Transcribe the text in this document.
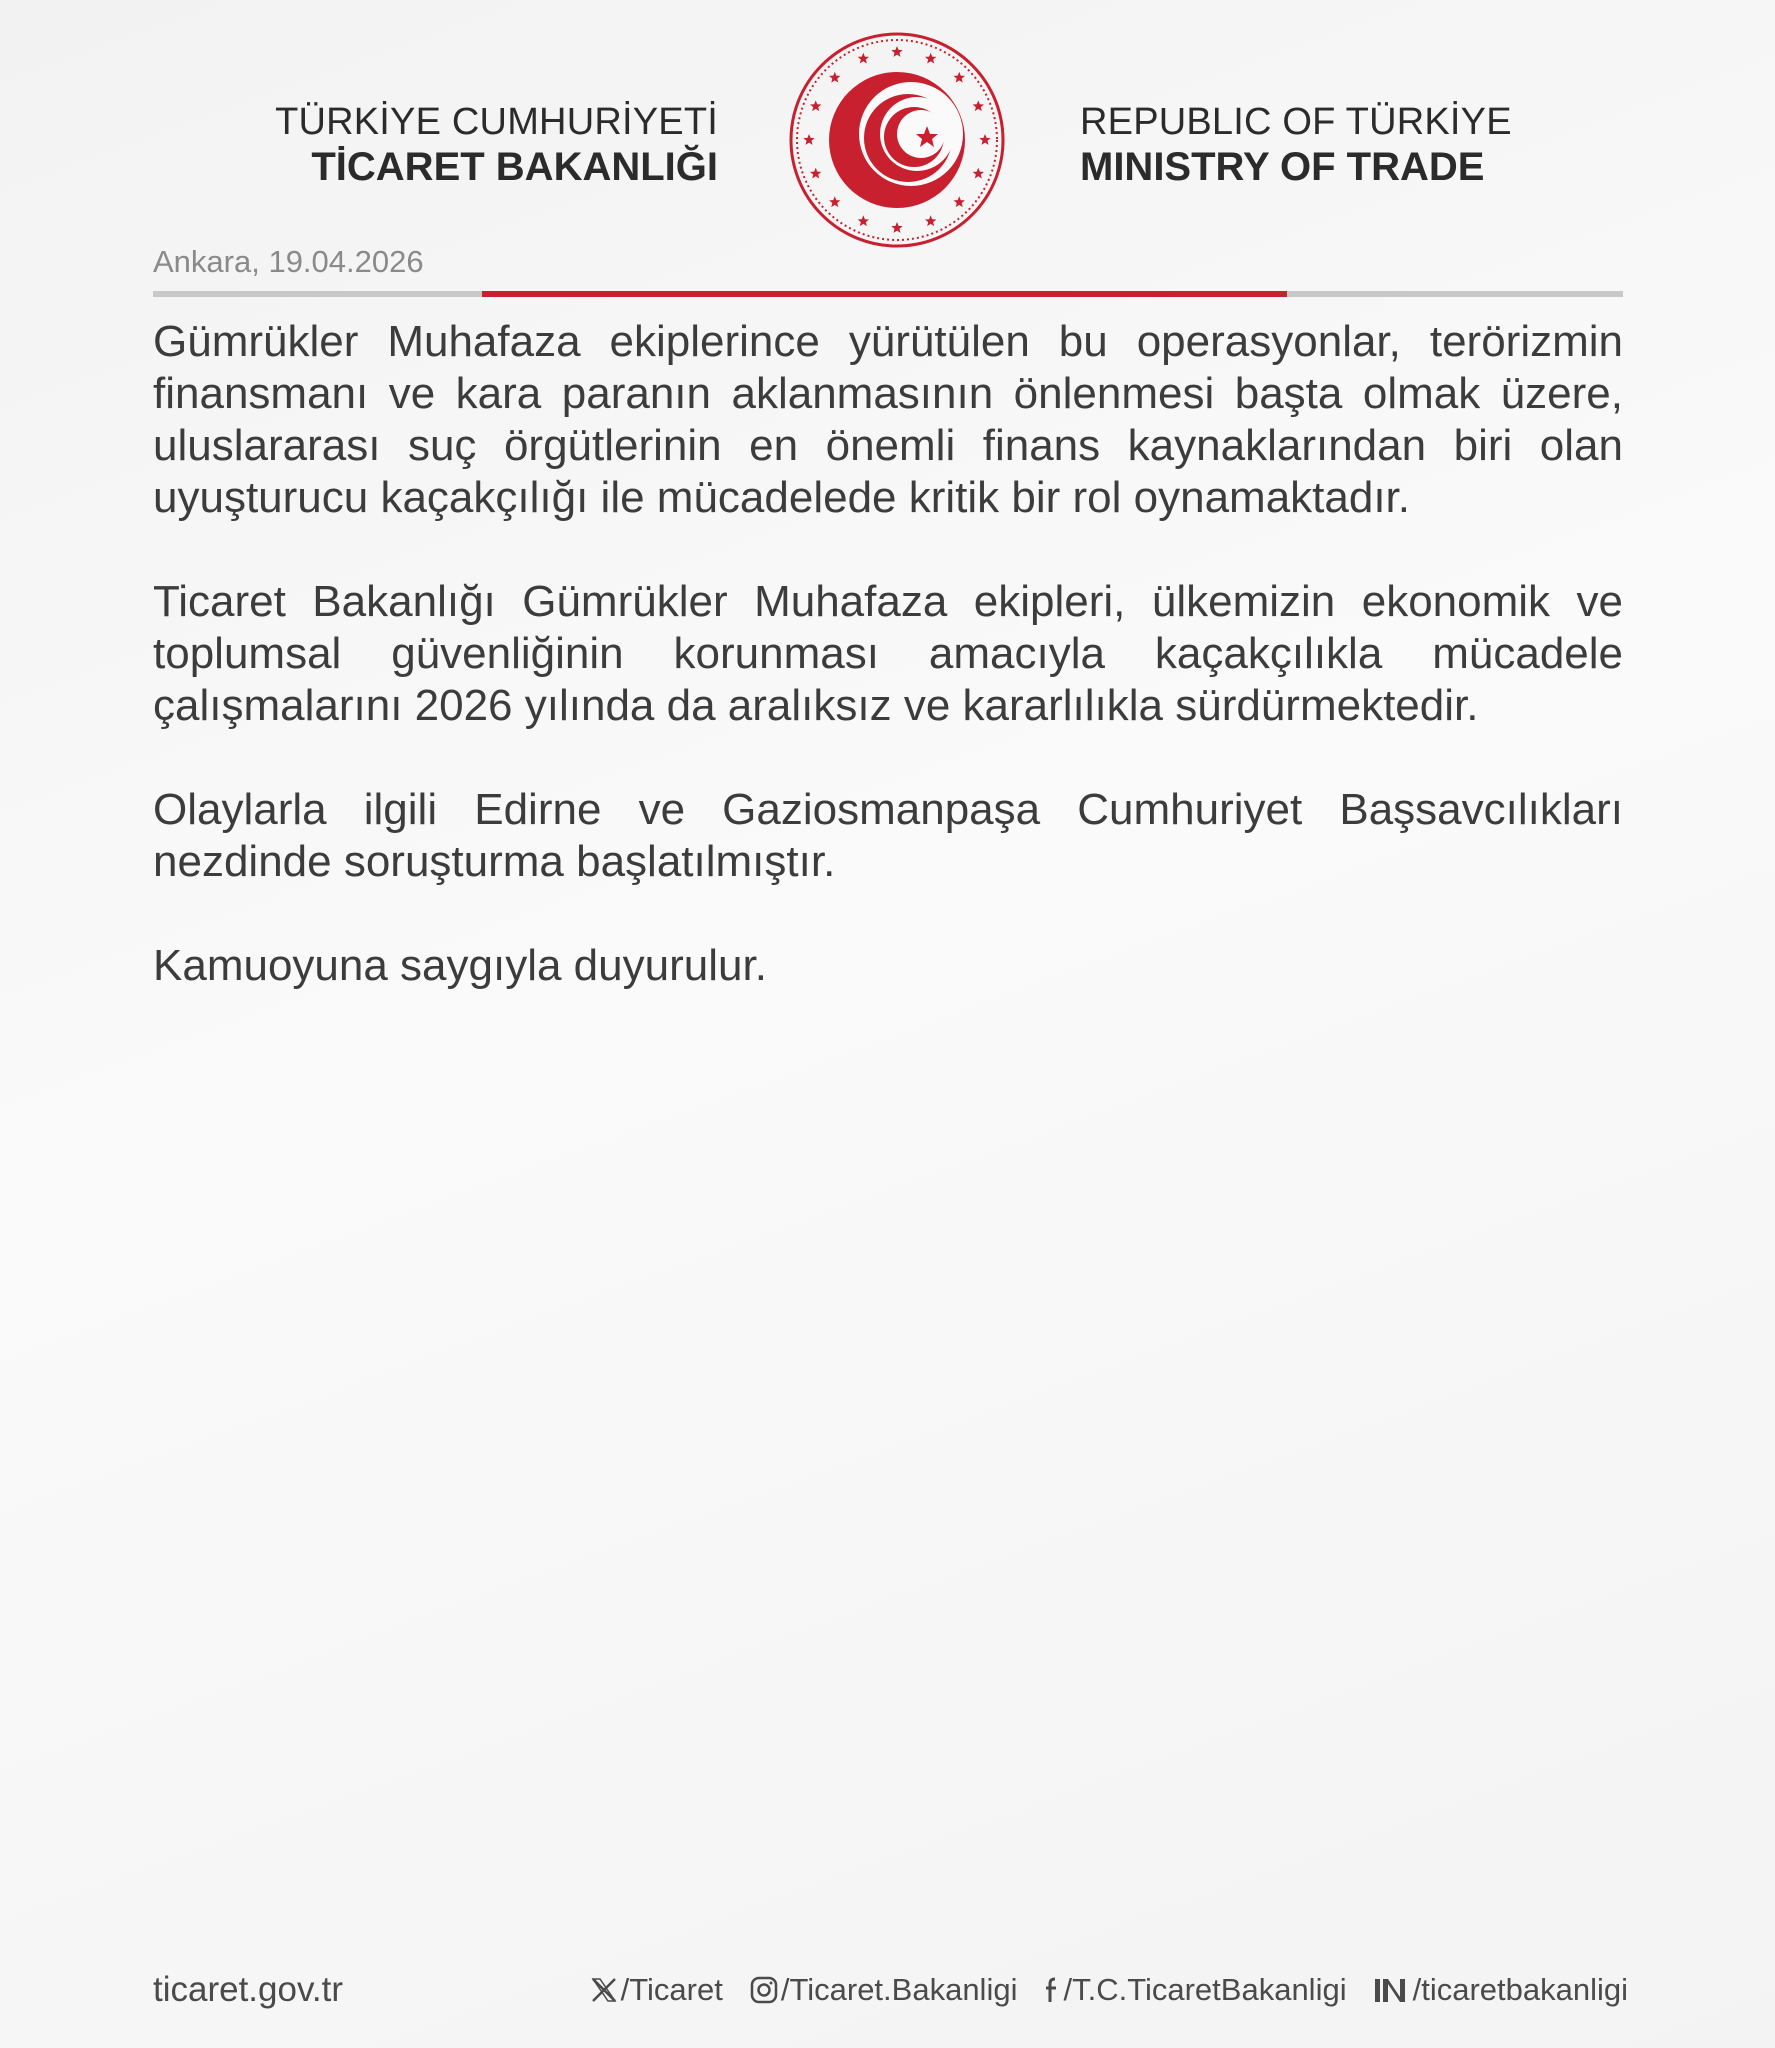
TÜRKİYE CUMHURİYETİ
TİCARET BAKANLIĞI
REPUBLIC OF TÜRKİYE
MINISTRY OF TRADE
Ankara, 19.04.2026

Gümrükler Muhafaza ekiplerince yürütülen bu operasyonlar, terörizmin finansmanı ve kara paranın aklanmasının önlenmesi başta olmak üzere, uluslararası suç örgütlerinin en önemli finans kaynaklarından biri olan uyuşturucu kaçakçılığı ile mücadelede kritik bir rol oynamaktadır.

Ticaret Bakanlığı Gümrükler Muhafaza ekipleri, ülkemizin ekonomik ve toplumsal güvenliğinin korunması amacıyla kaçakçılıkla mücadele çalışmalarını 2026 yılında da aralıksız ve kararlılıkla sürdürmektedir.

Olaylarla ilgili Edirne ve Gaziosmanpaşa Cumhuriyet Başsavcılıkları nezdinde soruşturma başlatılmıştır.

Kamuoyuna saygıyla duyurulur.

ticaret.gov.tr	/Ticaret /Ticaret.Bakanligi /T.C.TicaretBakanligi /ticaretbakanligi
